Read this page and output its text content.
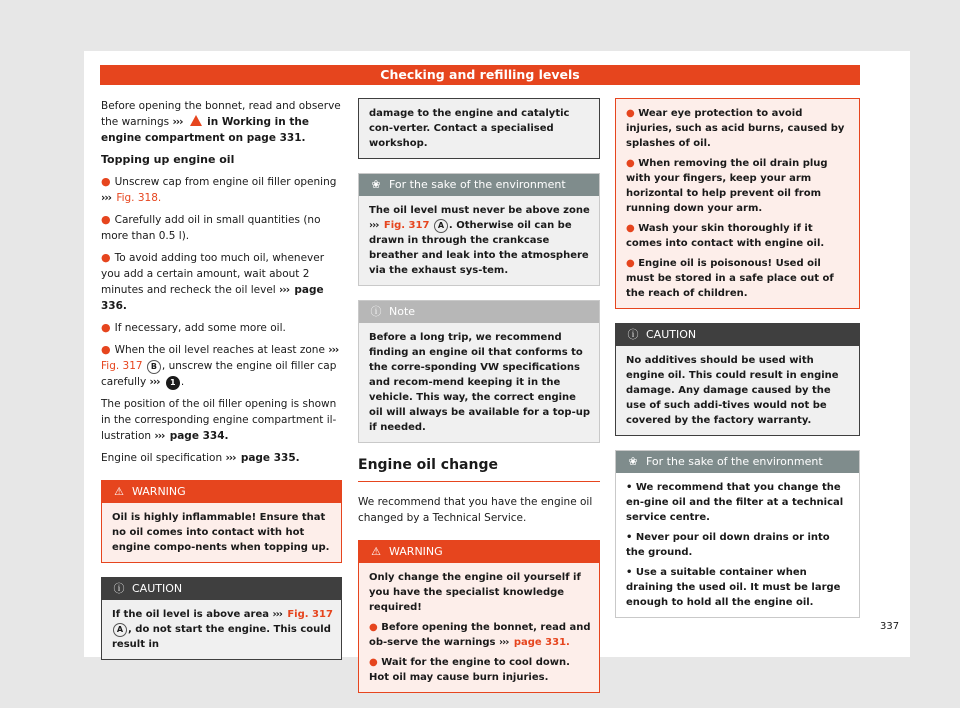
Checking and refilling levels

Before opening the bonnet, read and observe the warnings ››› in Working in the engine compartment on page 331.

Topping up engine oil
● Unscrew cap from engine oil filler opening ››› Fig. 318.
● Carefully add oil in small quantities (no more than 0.5 l).
● To avoid adding too much oil, whenever you add a certain amount, wait about 2 minutes and recheck the oil level ››› page 336.
● If necessary, add some more oil.
● When the oil level reaches at least zone ››› Fig. 317 B , unscrew the engine oil filler cap carefully ››› 1 .

The position of the oil filler opening is shown in the corresponding engine compartment il-lustration ››› page 334.

Engine oil specification ››› page 335.

⚠ WARNING

Oil is highly inflammable! Ensure that no oil comes into contact with hot engine compo-nents when topping up.

ⓘ CAUTION
If the oil level is above area ››› Fig. 317 A , do not start the engine. This could result in

damage to the engine and catalytic con-verter. Contact a specialised workshop.

❀ For the sake of the environment
The oil level must never be above zone ››› Fig. 317 A . Otherwise oil can be drawn in through the crankcase breather and leak into the atmosphere via the exhaust sys-tem.
ⓘ Note

Before a long trip, we recommend finding an engine oil that conforms to the corre-sponding VW specifications and recom-mend keeping it in the vehicle. This way, the correct engine oil will always be available for a top-up if needed.

Engine oil change

We recommend that you have the engine oil changed by a Technical Service.

⚠ WARNING

Only change the engine oil yourself if you have the specialist knowledge required!

● Before opening the bonnet, read and ob-serve the warnings ››› page 331.

● Wait for the engine to cool down. Hot oil may cause burn injuries.

● Wear eye protection to avoid injuries, such as acid burns, caused by splashes of oil.

● When removing the oil drain plug with your fingers, keep your arm horizontal to help prevent oil from running down your arm.

● Wash your skin thoroughly if it comes into contact with engine oil.

● Engine oil is poisonous! Used oil must be stored in a safe place out of the reach of children.

ⓘ CAUTION

No additives should be used with engine oil. This could result in engine damage. Any damage caused by the use of such addi-tives would not be covered by the factory warranty.

❀ For the sake of the environment

• We recommend that you change the en-gine oil and the filter at a technical service centre.

• Never pour oil down drains or into the ground.

• Use a suitable container when draining the used oil. It must be large enough to hold all the engine oil.

337
